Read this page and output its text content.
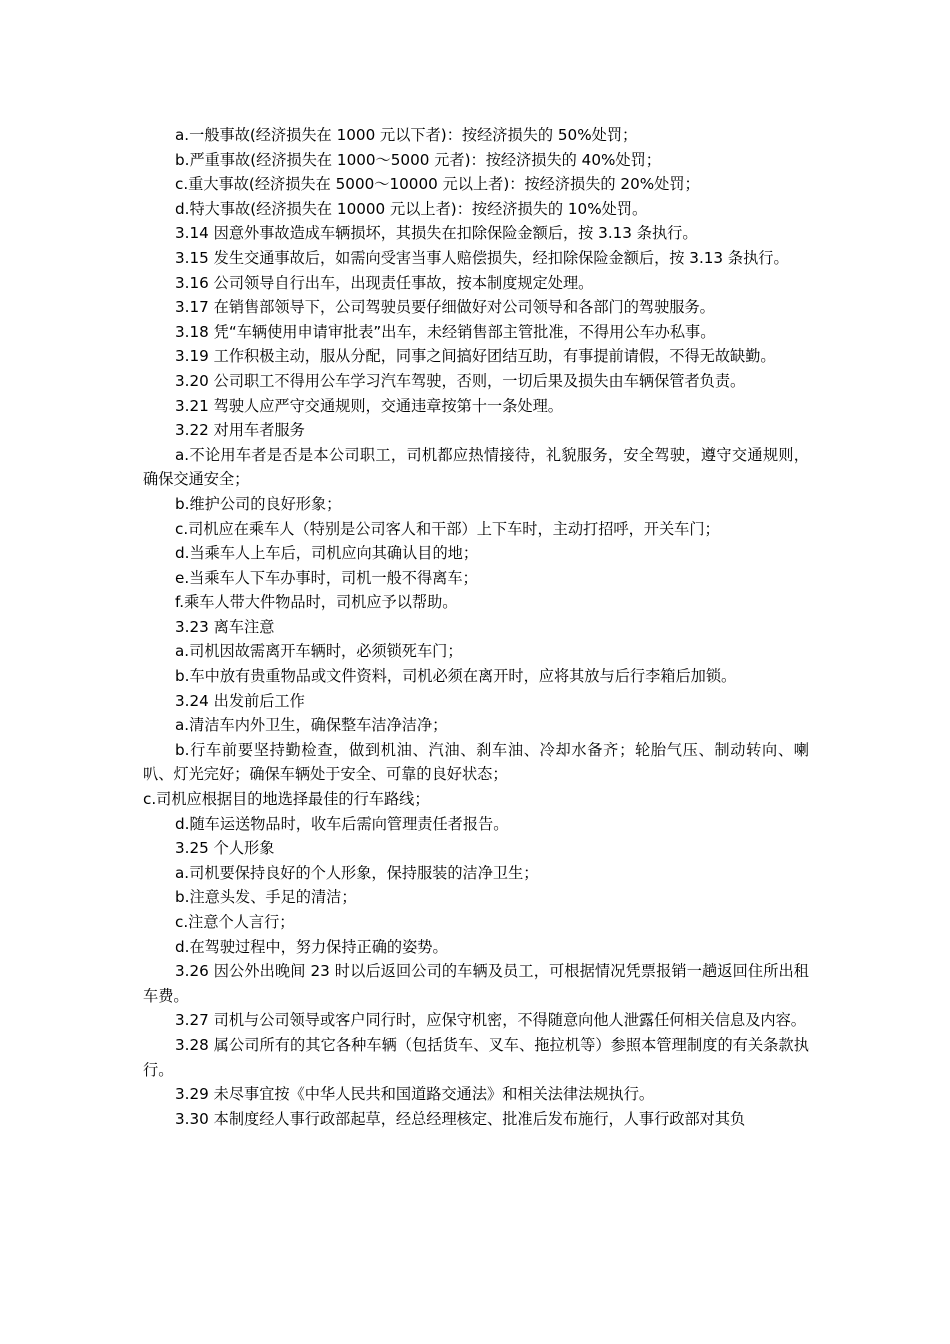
a.一般事故(经济损失在 1000 元以下者)：按经济损失的 50%处罚；

b.严重事故(经济损失在 1000～5000 元者)：按经济损失的 40%处罚；

c.重大事故(经济损失在 5000～10000 元以上者)：按经济损失的 20%处罚；

d.特大事故(经济损失在 10000 元以上者)：按经济损失的 10%处罚。

3.14 因意外事故造成车辆损坏，其损失在扣除保险金额后，按 3.13 条执行。

3.15 发生交通事故后，如需向受害当事人赔偿损失，经扣除保险金额后，按 3.13 条执行。

3.16 公司领导自行出车，出现责任事故，按本制度规定处理。

3.17 在销售部领导下，公司驾驶员要仔细做好对公司领导和各部门的驾驶服务。

3.18 凭“车辆使用申请审批表”出车，未经销售部主管批准，不得用公车办私事。

3.19 工作积极主动，服从分配，同事之间搞好团结互助，有事提前请假，不得无故缺勤。

3.20 公司职工不得用公车学习汽车驾驶，否则，一切后果及损失由车辆保管者负责。

3.21 驾驶人应严守交通规则，交通违章按第十一条处理。

3.22 对用车者服务

a.不论用车者是否是本公司职工，司机都应热情接待，礼貌服务，安全驾驶，遵守交通规则，确保交通安全；

b.维护公司的良好形象；

c.司机应在乘车人（特别是公司客人和干部）上下车时，主动打招呼，开关车门；

d.当乘车人上车后，司机应向其确认目的地；

e.当乘车人下车办事时，司机一般不得离车；

f.乘车人带大件物品时，司机应予以帮助。

3.23 离车注意

a.司机因故需离开车辆时，必须锁死车门；

b.车中放有贵重物品或文件资料，司机必须在离开时，应将其放与后行李箱后加锁。

3.24 出发前后工作

a.清洁车内外卫生，确保整车洁净洁净；

b.行车前要坚持勤检查，做到机油、汽油、刹车油、冷却水备齐；轮胎气压、制动转向、喇叭、灯光完好；确保车辆处于安全、可靠的良好状态；

c.司机应根据目的地选择最佳的行车路线；

d.随车运送物品时，收车后需向管理责任者报告。

3.25 个人形象

a.司机要保持良好的个人形象，保持服装的洁净卫生；

b.注意头发、手足的清洁；

c.注意个人言行；

d.在驾驶过程中，努力保持正确的姿势。

3.26 因公外出晚间 23 时以后返回公司的车辆及员工，可根据情况凭票报销一趟返回住所出租车费。

3.27 司机与公司领导或客户同行时，应保守机密，不得随意向他人泄露任何相关信息及内容。

3.28 属公司所有的其它各种车辆（包括货车、叉车、拖拉机等）参照本管理制度的有关条款执行。

3.29 未尽事宜按《中华人民共和国道路交通法》和相关法律法规执行。

3.30 本制度经人事行政部起草，经总经理核定、批准后发布施行，人事行政部对其负
